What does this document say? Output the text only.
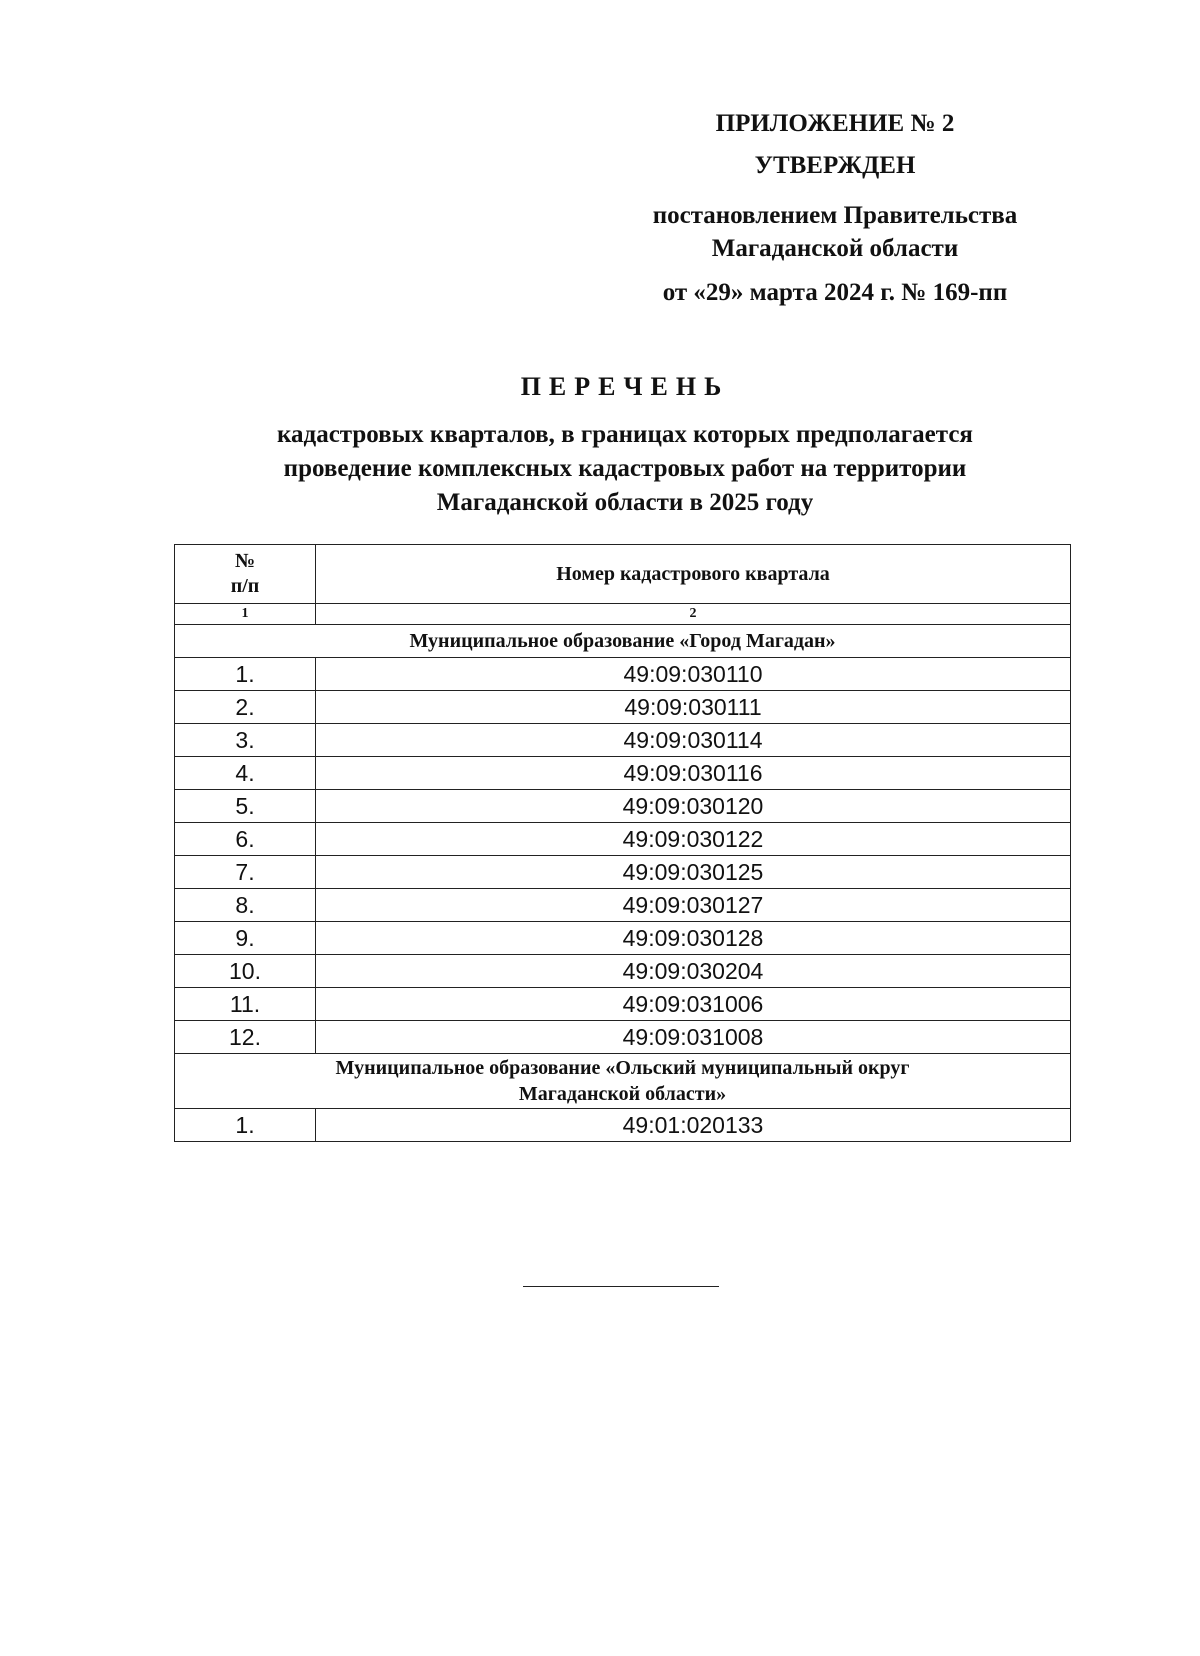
ПРИЛОЖЕНИЕ № 2
УТВЕРЖДЕН
постановлением Правительства
Магаданской области
от «29» марта 2024 г. № 169-пп
ПЕРЕЧЕНЬ
кадастровых кварталов, в границах которых предполагается
проведение комплексных кадастровых работ на территории
Магаданской области в 2025 году
№
п/п	Номер кадастрового квартала
1	2

Муниципальное образование «Город Магадан»	

1.	49:09:030110
2.	49:09:030111
3.	49:09:030114
4.	49:09:030116
5.	49:09:030120
6.	49:09:030122
7.	49:09:030125
8.	49:09:030127
9.	49:09:030128
10.	49:09:030204
11.	49:09:031006
12.	49:09:031008

Муниципальное образование «Ольский муниципальный округ
Магаданской области»	

1.	49:01:020133
